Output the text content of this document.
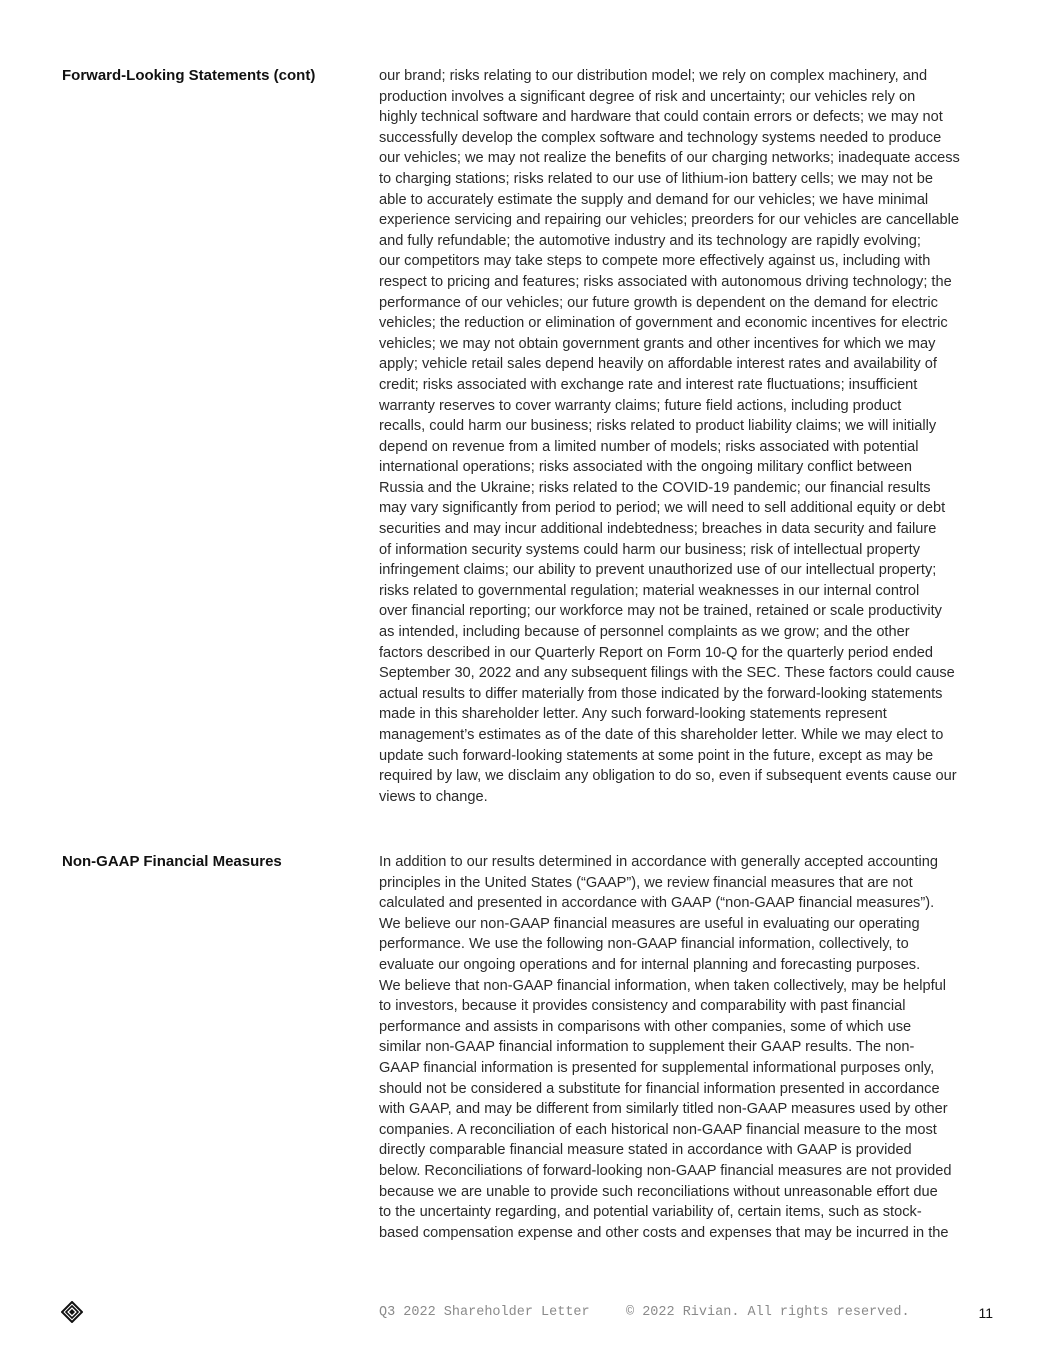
Forward-Looking Statements (cont)	our brand; risks relating to our distribution model; we rely on complex machinery, and
production involves a significant degree of risk and uncertainty; our vehicles rely on
highly technical software and hardware that could contain errors or defects; we may not
successfully develop the complex software and technology systems needed to produce
our vehicles; we may not realize the benefits of our charging networks; inadequate access
to charging stations; risks related to our use of lithium-ion battery cells; we may not be
able to accurately estimate the supply and demand for our vehicles; we have minimal
experience servicing and repairing our vehicles; preorders for our vehicles are cancellable
and fully refundable; the automotive industry and its technology are rapidly evolving;
our competitors may take steps to compete more effectively against us, including with
respect to pricing and features; risks associated with autonomous driving technology; the
performance of our vehicles; our future growth is dependent on the demand for electric
vehicles; the reduction or elimination of government and economic incentives for electric
vehicles; we may not obtain government grants and other incentives for which we may
apply; vehicle retail sales depend heavily on affordable interest rates and availability of
credit; risks associated with exchange rate and interest rate fluctuations; insufficient
warranty reserves to cover warranty claims; future field actions, including product
recalls, could harm our business; risks related to product liability claims; we will initially
depend on revenue from a limited number of models; risks associated with potential
international operations; risks associated with the ongoing military conflict between
Russia and the Ukraine; risks related to the COVID-19 pandemic; our financial results
may vary significantly from period to period; we will need to sell additional equity or debt
securities and may incur additional indebtedness; breaches in data security and failure
of information security systems could harm our business; risk of intellectual property
infringement claims; our ability to prevent unauthorized use of our intellectual property;
risks related to governmental regulation; material weaknesses in our internal control
over financial reporting; our workforce may not be trained, retained or scale productivity
as intended, including because of personnel complaints as we grow; and the other
factors described in our Quarterly Report on Form 10-Q for the quarterly period ended
September 30, 2022 and any subsequent filings with the SEC. These factors could cause
actual results to differ materially from those indicated by the forward-looking statements
made in this shareholder letter. Any such forward-looking statements represent
management’s estimates as of the date of this shareholder letter. While we may elect to
update such forward-looking statements at some point in the future, except as may be
required by law, we disclaim any obligation to do so, even if subsequent events cause our
views to change.
Non-GAAP Financial Measures	In addition to our results determined in accordance with generally accepted accounting
principles in the United States (“GAAP”), we review financial measures that are not
calculated and presented in accordance with GAAP (“non-GAAP financial measures”).
We believe our non-GAAP financial measures are useful in evaluating our operating
performance. We use the following non-GAAP financial information, collectively, to
evaluate our ongoing operations and for internal planning and forecasting purposes.
We believe that non-GAAP financial information, when taken collectively, may be helpful
to investors, because it provides consistency and comparability with past financial
performance and assists in comparisons with other companies, some of which use
similar non-GAAP financial information to supplement their GAAP results. The non-
GAAP financial information is presented for supplemental informational purposes only,
should not be considered a substitute for financial information presented in accordance
with GAAP, and may be different from similarly titled non-GAAP measures used by other
companies. A reconciliation of each historical non-GAAP financial measure to the most
directly comparable financial measure stated in accordance with GAAP is provided
below. Reconciliations of forward-looking non-GAAP financial measures are not provided
because we are unable to provide such reconciliations without unreasonable effort due
to the uncertainty regarding, and potential variability of, certain items, such as stock-
based compensation expense and other costs and expenses that may be incurred in the
Q3 2022 Shareholder Letter	© 2022 Rivian. All rights reserved.	11
